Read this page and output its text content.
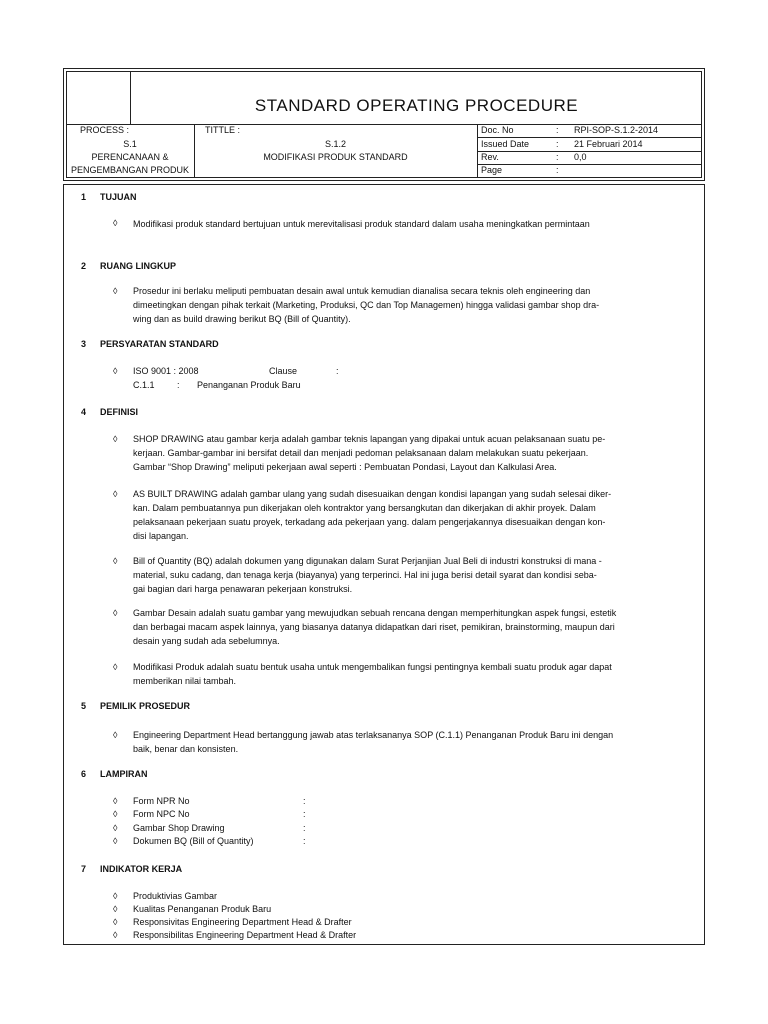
STANDARD OPERATING PROCEDURE
PROCESS :
S.1
PERENCANAAN &
PENGEMBANGAN PRODUK
TITTLE :
S.1.2
MODIFIKASI PRODUK STANDARD
Doc. No	: RPI-SOP-S.1.2-2014
Issued Date	: 21 Februari 2014
Rev.	: 0,0
Page	:
1 TUJUAN
◊ Modifikasi produk standard bertujuan untuk merevitalisasi produk standard dalam usaha meningkatkan permintaan
2 RUANG LINGKUP
◊ Prosedur ini berlaku meliputi pembuatan desain awal untuk kemudian dianalisa secara teknis oleh engineering dan
dimeetingkan dengan pihak terkait (Marketing, Produksi, QC dan Top Managemen) hingga validasi gambar shop dra-
wing dan as build drawing berikut BQ (Bill of Quantity).
3 PERSYARATAN STANDARD
◊ ISO 9001 : 2008	Clause	:
C.1.1 : Penanganan Produk Baru
4 DEFINISI
◊ SHOP DRAWING atau gambar kerja adalah gambar teknis lapangan yang dipakai untuk acuan pelaksanaan suatu pe-
kerjaan. Gambar-gambar ini bersifat detail dan menjadi pedoman pelaksanaan dalam melakukan suatu pekerjaan.
Gambar “Shop Drawing” meliputi pekerjaan awal seperti : Pembuatan Pondasi, Layout dan Kalkulasi Area.
◊ AS BUILT DRAWING adalah gambar ulang yang sudah disesuaikan dengan kondisi lapangan yang sudah selesai diker-
kan. Dalam pembuatannya pun dikerjakan oleh kontraktor yang bersangkutan dan dikerjakan di akhir proyek. Dalam
pelaksanaan pekerjaan suatu proyek, terkadang ada pekerjaan yang. dalam pengerjakannya disesuaikan dengan kon-
disi lapangan.
◊ Bill of Quantity (BQ) adalah dokumen yang digunakan dalam Surat Perjanjian Jual Beli di industri konstruksi di mana -
material, suku cadang, dan tenaga kerja (biayanya) yang terperinci. Hal ini juga berisi detail syarat dan kondisi seba-
gai bagian dari harga penawaran pekerjaan konstruksi.
◊ Gambar Desain adalah suatu gambar yang mewujudkan sebuah rencana dengan memperhitungkan aspek fungsi, estetik
dan berbagai macam aspek lainnya, yang biasanya datanya didapatkan dari riset, pemikiran, brainstorming, maupun dari
desain yang sudah ada sebelumnya.
◊ Modifikasi Produk adalah suatu bentuk usaha untuk mengembalikan fungsi pentingnya kembali suatu produk agar dapat
memberikan nilai tambah.
5 PEMILIK PROSEDUR
◊ Engineering Department Head bertanggung jawab atas terlaksananya SOP (C.1.1) Penanganan Produk Baru ini dengan
baik, benar dan konsisten.
6 LAMPIRAN
◊ Form NPR No	:
◊ Form NPC No	:
◊ Gambar Shop Drawing	:
◊ Dokumen BQ (Bill of Quantity)	:
7 INDIKATOR KERJA
◊ Produktivias Gambar
◊ Kualitas Penanganan Produk Baru
◊ Responsivitas Engineering Department Head & Drafter
◊ Responsibilitas Engineering Department Head & Drafter
